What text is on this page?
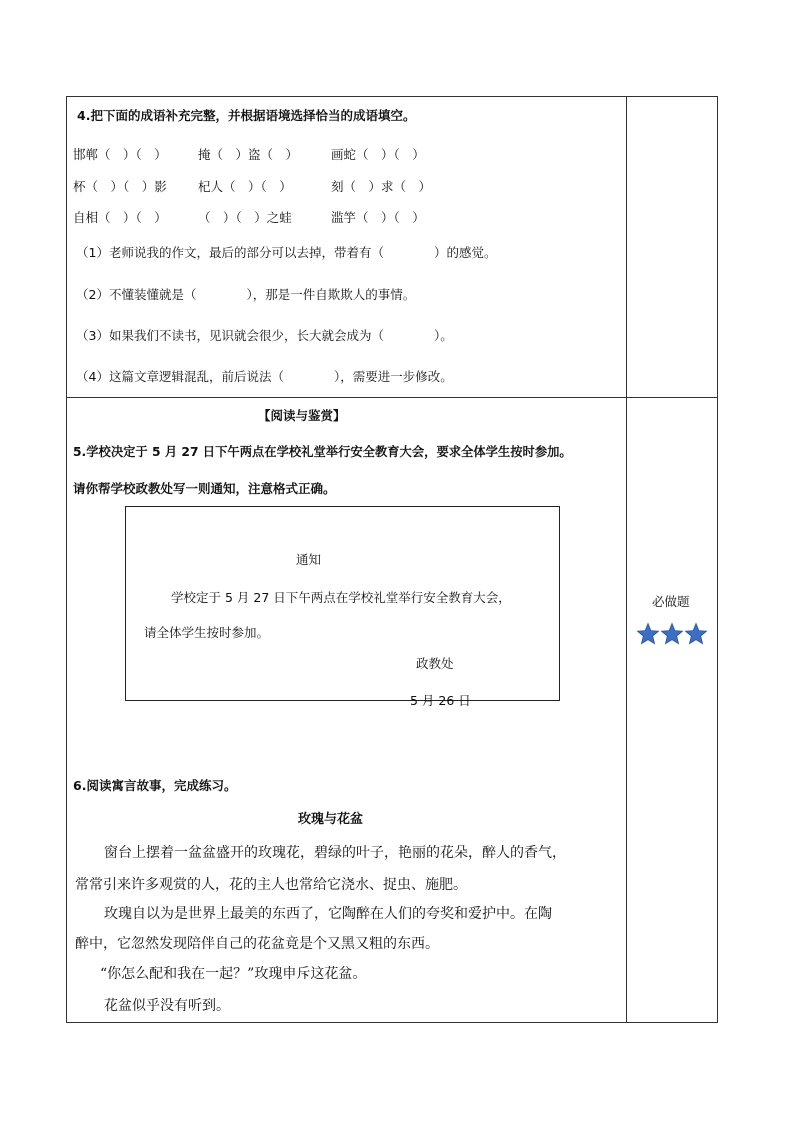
4.把下面的成语补充完整，并根据语境选择恰当的成语填空。
邯郸（　）（　） 掩（　）盗（　）	画蛇（　）（　）
杯（　）（　）影 杞人（　）（　）	刻（　）求（　）
自相（　）（　） （　）（　）之蛙	滥竽（　）（　）
（1）老师说我的作文，最后的部分可以去掉，带着有（　　　　）的感觉。
（2）不懂装懂就是（　　　　），那是一件自欺欺人的事情。
（3）如果我们不读书，见识就会很少，长大就会成为（　　　　）。
（4）这篇文章逻辑混乱，前后说法（　　　　），需要进一步修改。
【阅读与鉴赏】
5.学校决定于 5 月 27 日下午两点在学校礼堂举行安全教育大会，要求全体学生按时参加。
请你帮学校政教处写一则通知，注意格式正确。
通知
学校定于 5 月 27 日下午两点在学校礼堂举行安全教育大会，
请全体学生按时参加。
政教处
5 月 26 日
必做题
6.阅读寓言故事，完成练习。
玫瑰与花盆
窗台上摆着一盆盆盛开的玫瑰花，碧绿的叶子，艳丽的花朵，醉人的香气，
常常引来许多观赏的人，花的主人也常给它浇水、捉虫、施肥。
玫瑰自以为是世界上最美的东西了，它陶醉在人们的夸奖和爱护中。在陶
醉中，它忽然发现陪伴自己的花盆竟是个又黑又粗的东西。
“你怎么配和我在一起？”玫瑰申斥这花盆。
花盆似乎没有听到。
